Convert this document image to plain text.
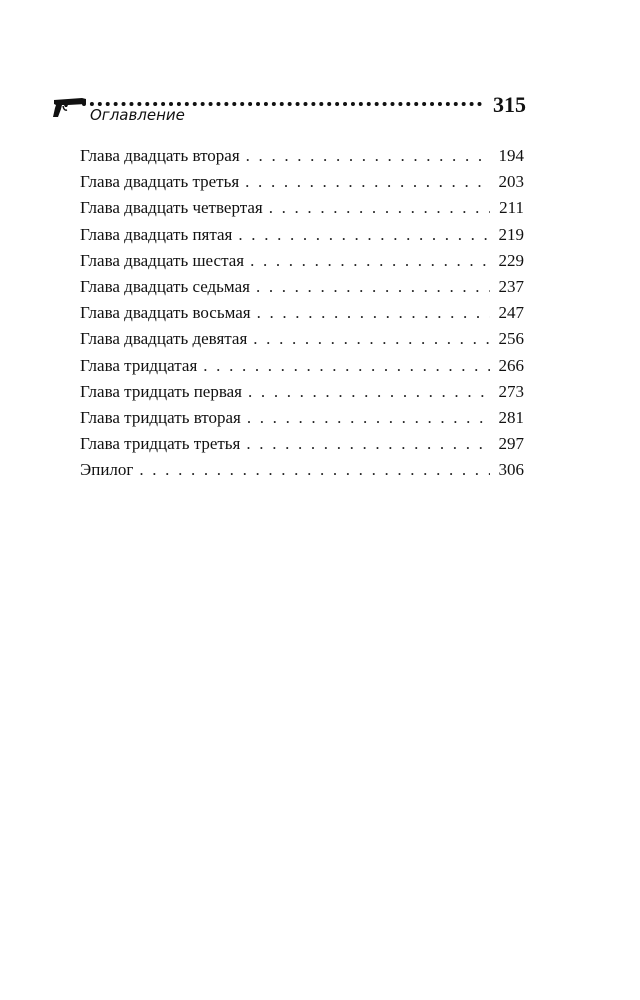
Оглавление	315
Глава двадцать вторая . . .	194
Глава двадцать третья . . .	203
Глава двадцать четвертая . . .	211
Глава двадцать пятая . . .	219
Глава двадцать шестая . . .	229
Глава двадцать седьмая . . .	237
Глава двадцать восьмая . . .	247
Глава двадцать девятая . . .	256
Глава тридцатая . . .	266
Глава тридцать первая . . .	273
Глава тридцать вторая . . .	281
Глава тридцать третья . . .	297
Эпилог . . .	306
